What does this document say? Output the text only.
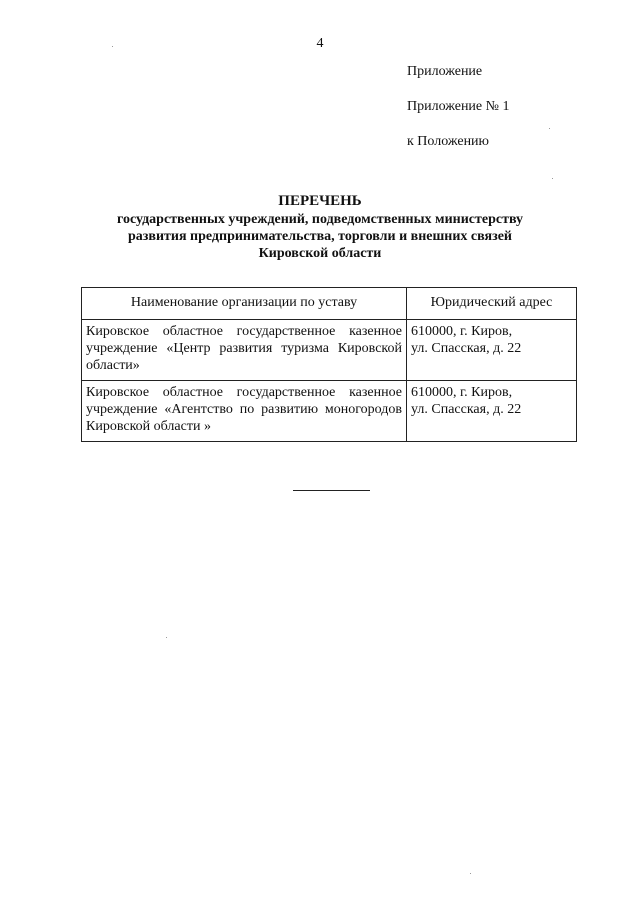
4
Приложение
Приложение № 1
к Положению
ПЕРЕЧЕНЬ
государственных учреждений, подведомственных министерству
развития предпринимательства, торговли и внешних связей
Кировской области
Наименование организации по уставу	Юридический адрес
Кировское областное государственное казенное учреждение «Центр развития туризма Кировской области»	610000, г. Киров,
ул. Спасская, д. 22

Кировское областное государственное казенное учреждение «Агентство по развитию моногородов Кировской области »	610000, г. Киров,
ул. Спасская, д. 22
